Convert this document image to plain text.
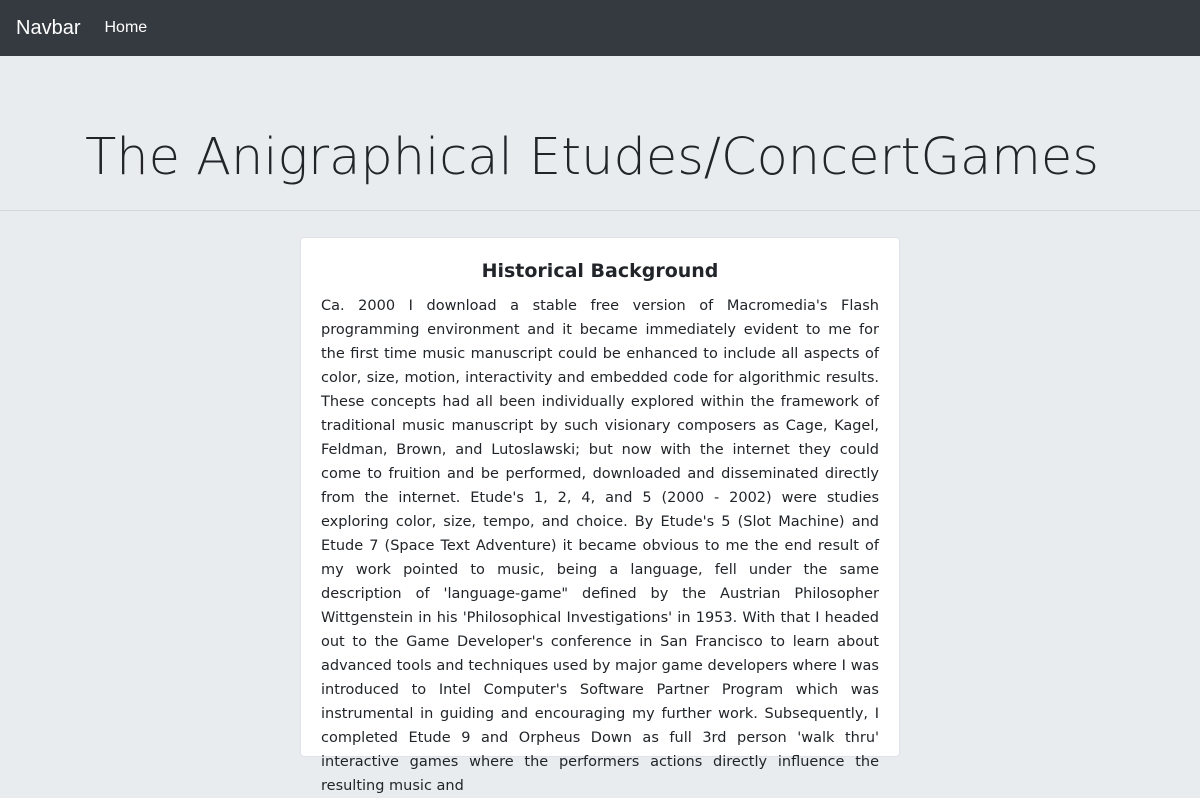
Navbar Home
The Anigraphical Etudes/ConcertGames
Historical Background

Ca. 2000 I download a stable free version of Macromedia's Flash programming environment and it became immediately evident to me for the first time music manuscript could be enhanced to include all aspects of color, size, motion, interactivity and embedded code for algorithmic results. These concepts had all been individually explored within the framework of traditional music manuscript by such visionary composers as Cage, Kagel, Feldman, Brown, and Lutoslawski; but now with the internet they could come to fruition and be performed, downloaded and disseminated directly from the internet. Etude's 1, 2, 4, and 5 (2000 - 2002) were studies exploring color, size, tempo, and choice. By Etude's 5 (Slot Machine) and Etude 7 (Space Text Adventure) it became obvious to me the end result of my work pointed to music, being a language, fell under the same description of 'language-game" defined by the Austrian Philosopher Wittgenstein in his 'Philosophical Investigations' in 1953. With that I headed out to the Game Developer's conference in San Francisco to learn about advanced tools and techniques used by major game developers where I was introduced to Intel Computer's Software Partner Program which was instrumental in guiding and encouraging my further work. Subsequently, I completed Etude 9 and Orpheus Down as full 3rd person 'walk thru' interactive games where the performers actions directly influence the resulting music and
